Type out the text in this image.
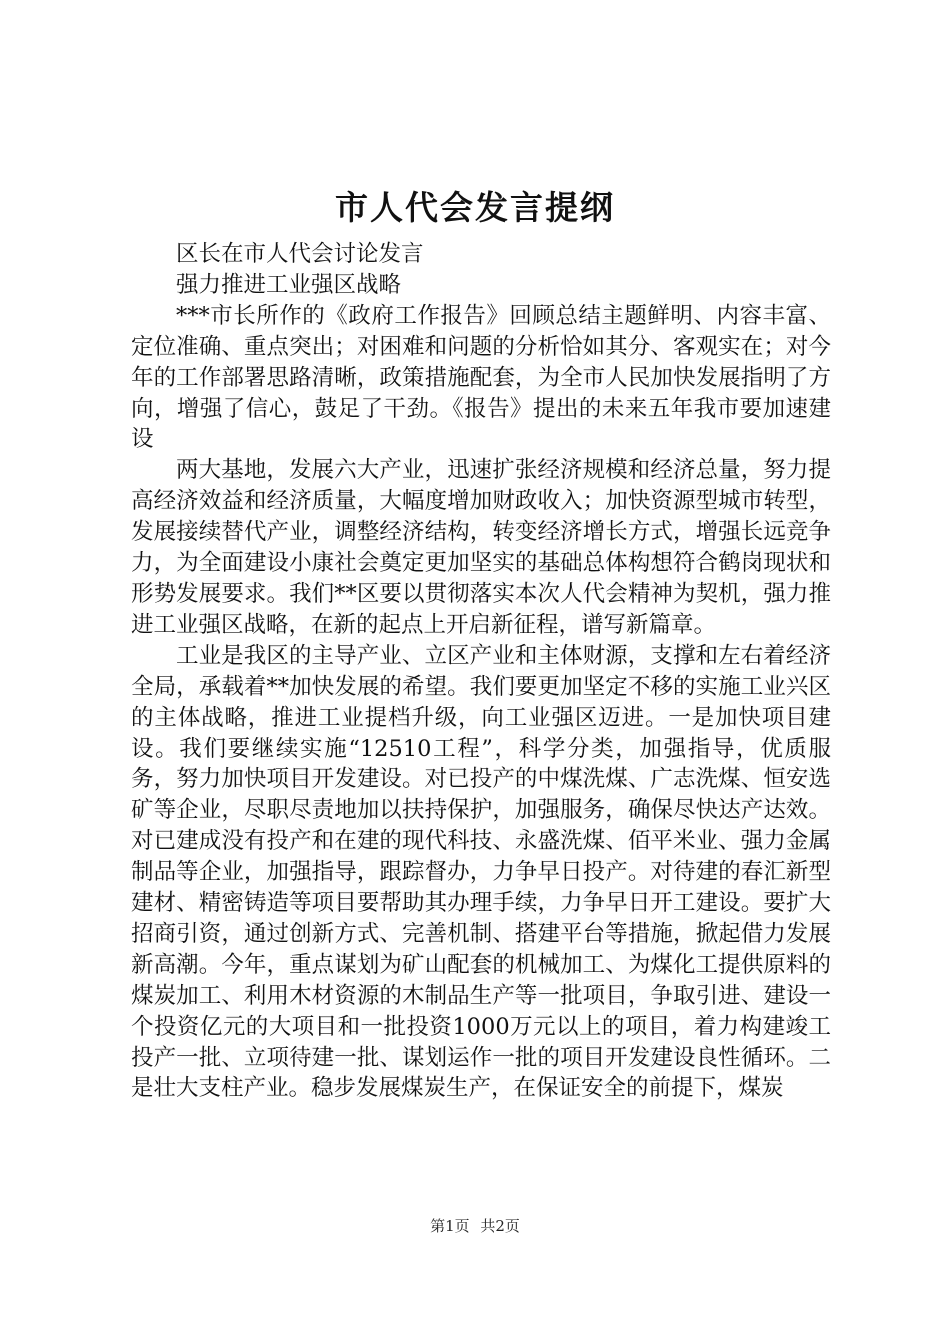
市人代会发言提纲

区长在市人代会讨论发言

强力推进工业强区战略

***市长所作的《政府工作报告》回顾总结主题鲜明、内容丰富、定位准确、重点突出；对困难和问题的分析恰如其分、客观实在；对今年的工作部署思路清晰，政策措施配套，为全市人民加快发展指明了方向，增强了信心，鼓足了干劲。《报告》提出的未来五年我市要加速建设

两大基地，发展六大产业，迅速扩张经济规模和经济总量，努力提高经济效益和经济质量，大幅度增加财政收入；加快资源型城市转型，发展接续替代产业，调整经济结构，转变经济增长方式，增强长远竞争力，为全面建设小康社会奠定更加坚实的基础总体构想符合鹤岗现状和形势发展要求。我们**区要以贯彻落实本次人代会精神为契机，强力推进工业强区战略，在新的起点上开启新征程，谱写新篇章。

工业是我区的主导产业、立区产业和主体财源，支撑和左右着经济全局，承载着**加快发展的希望。我们要更加坚定不移的实施工业兴区的主体战略，推进工业提档升级，向工业强区迈进。一是加快项目建设。我们要继续实施“12510工程”，科学分类，加强指导，优质服务，努力加快项目开发建设。对已投产的中煤洗煤、广志洗煤、恒安选矿等企业，尽职尽责地加以扶持保护，加强服务，确保尽快达产达效。对已建成没有投产和在建的现代科技、永盛洗煤、佰平米业、强力金属制品等企业，加强指导，跟踪督办，力争早日投产。对待建的春汇新型建材、精密铸造等项目要帮助其办理手续，力争早日开工建设。要扩大招商引资，通过创新方式、完善机制、搭建平台等措施，掀起借力发展新高潮。今年，重点谋划为矿山配套的机械加工、为煤化工提供原料的煤炭加工、利用木材资源的木制品生产等一批项目，争取引进、建设一个投资亿元的大项目和一批投资1000万元以上的项目，着力构建竣工投产一批、立项待建一批、谋划运作一批的项目开发建设良性循环。二是壮大支柱产业。稳步发展煤炭生产，在保证安全的前提下，煤炭

第1页 共2页
